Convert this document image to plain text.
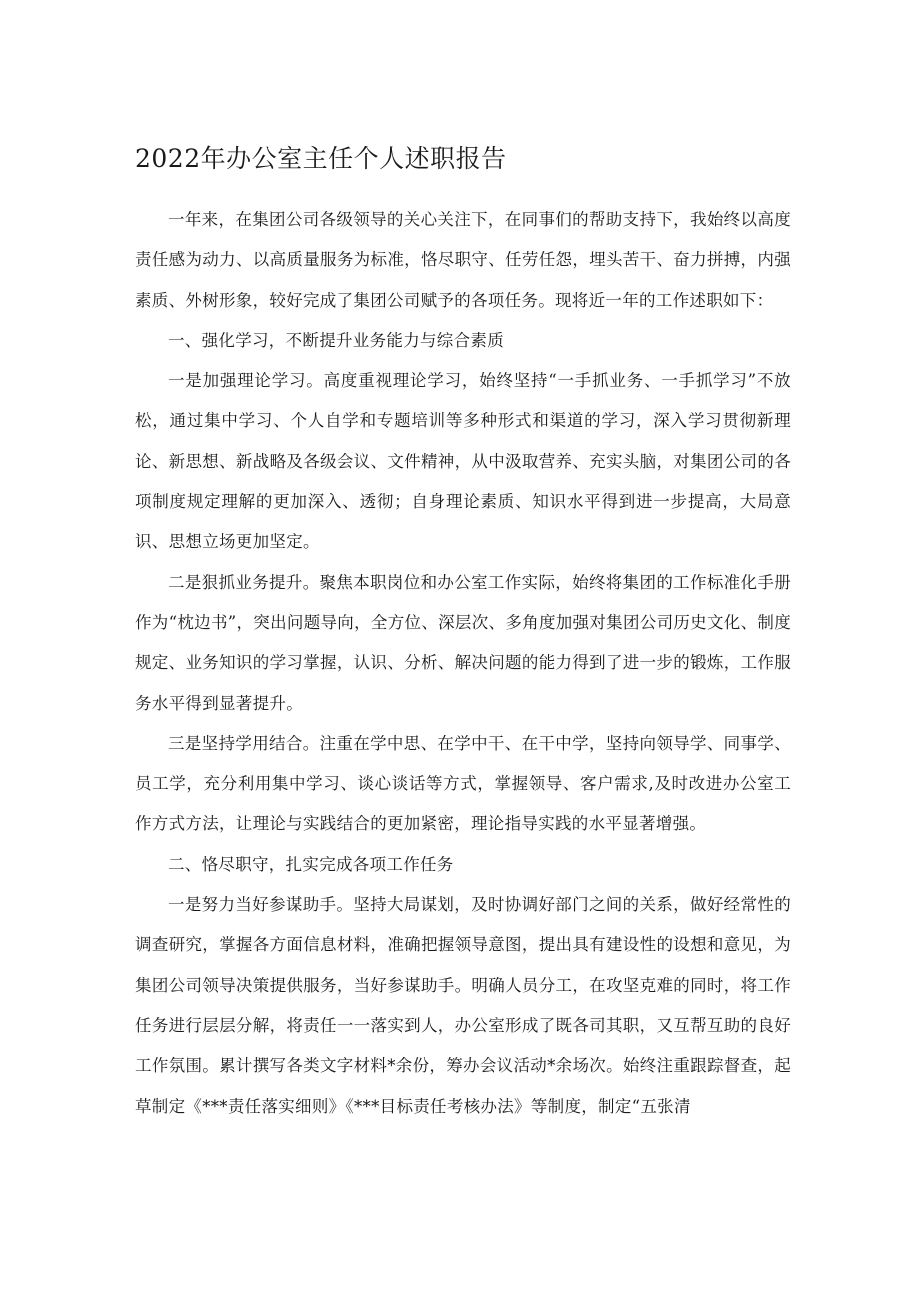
2022年办公室主任个人述职报告

一年来，在集团公司各级领导的关心关注下，在同事们的帮助支持下，我始终以高度责任感为动力、以高质量服务为标准，恪尽职守、任劳任怨，埋头苦干、奋力拼搏，内强素质、外树形象，较好完成了集团公司赋予的各项任务。现将近一年的工作述职如下：

一、强化学习，不断提升业务能力与综合素质

一是加强理论学习。高度重视理论学习，始终坚持“一手抓业务、一手抓学习”不放松，通过集中学习、个人自学和专题培训等多种形式和渠道的学习，深入学习贯彻新理论、新思想、新战略及各级会议、文件精神，从中汲取营养、充实头脑，对集团公司的各项制度规定理解的更加深入、透彻；自身理论素质、知识水平得到进一步提高，大局意识、思想立场更加坚定。

二是狠抓业务提升。聚焦本职岗位和办公室工作实际，始终将集团的工作标准化手册作为“枕边书”，突出问题导向，全方位、深层次、多角度加强对集团公司历史文化、制度规定、业务知识的学习掌握，认识、分析、解决问题的能力得到了进一步的锻炼，工作服务水平得到显著提升。

三是坚持学用结合。注重在学中思、在学中干、在干中学，坚持向领导学、同事学、员工学，充分利用集中学习、谈心谈话等方式，掌握领导、客户需求,及时改进办公室工作方式方法，让理论与实践结合的更加紧密，理论指导实践的水平显著增强。

二、恪尽职守，扎实完成各项工作任务

一是努力当好参谋助手。坚持大局谋划，及时协调好部门之间的关系，做好经常性的调查研究，掌握各方面信息材料，准确把握领导意图，提出具有建设性的设想和意见，为集团公司领导决策提供服务，当好参谋助手。明确人员分工，在攻坚克难的同时，将工作任务进行层层分解，将责任一一落实到人，办公室形成了既各司其职，又互帮互助的良好工作氛围。累计撰写各类文字材料*余份，筹办会议活动*余场次。始终注重跟踪督查，起草制定《***责任落实细则》《***目标责任考核办法》等制度，制定“五张清
